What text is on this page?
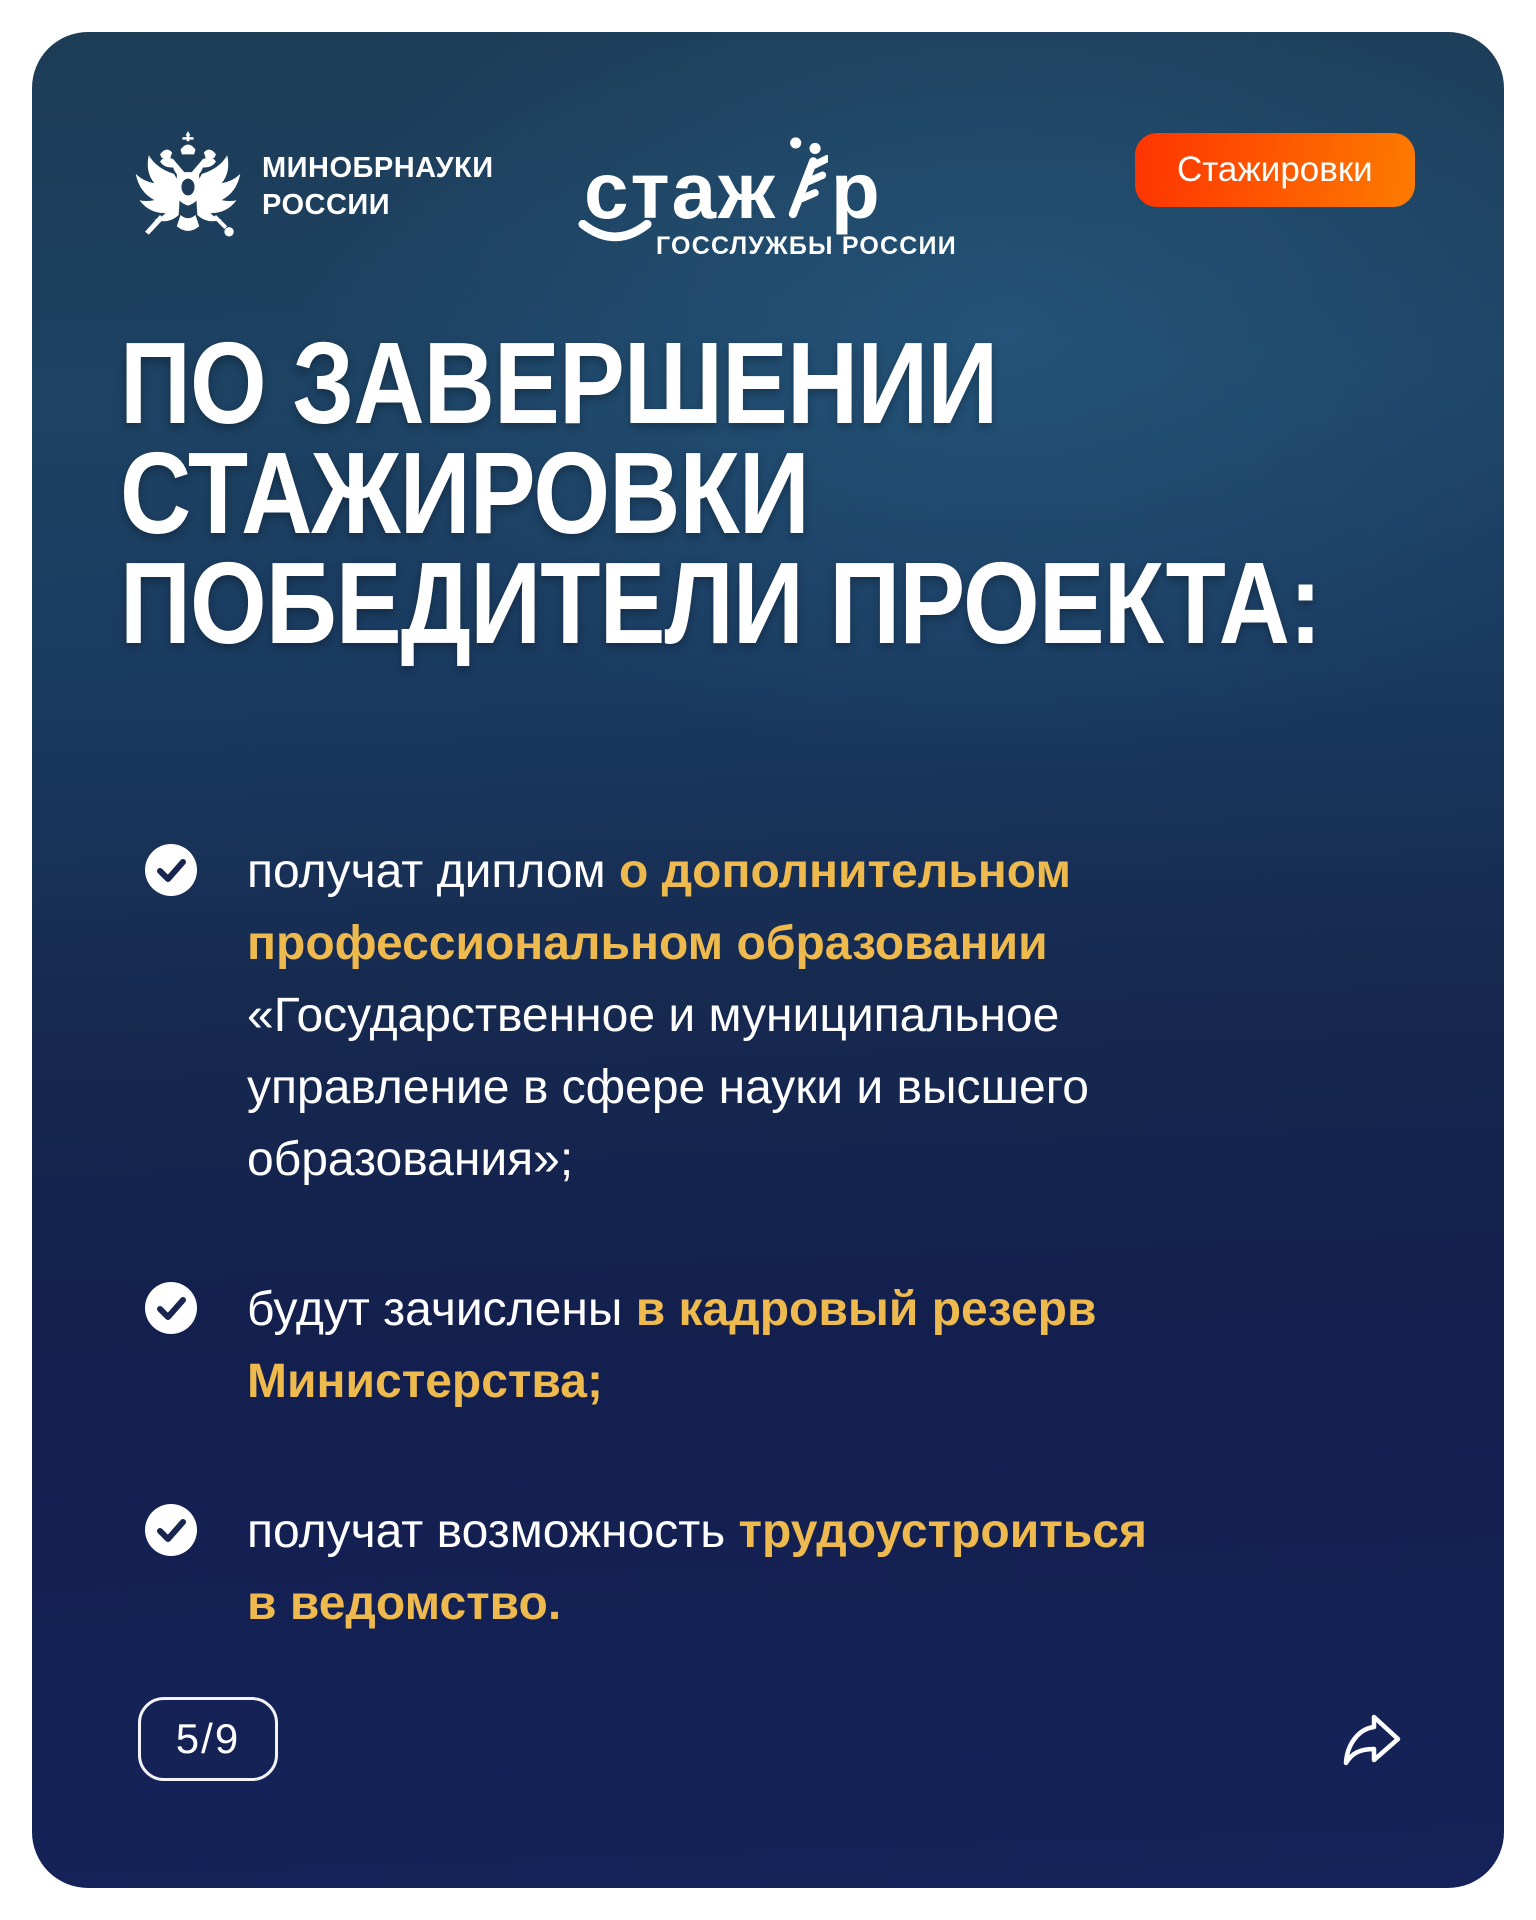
МИНОБРНАУКИ
РОССИИ	стаж р
ГОССЛУЖБЫ РОССИИ
Стажировки
ПО ЗАВЕРШЕНИИ
СТАЖИРОВКИ
ПОБЕДИТЕЛИ ПРОЕКТА:
получат диплом о дополнительном
профессиональном образовании
«Государственное и муниципальное
управление в сфере науки и высшего
образования»;
будут зачислены в кадровый резерв
Министерства;
получат возможность трудоустроиться
в ведомство.
5/9
